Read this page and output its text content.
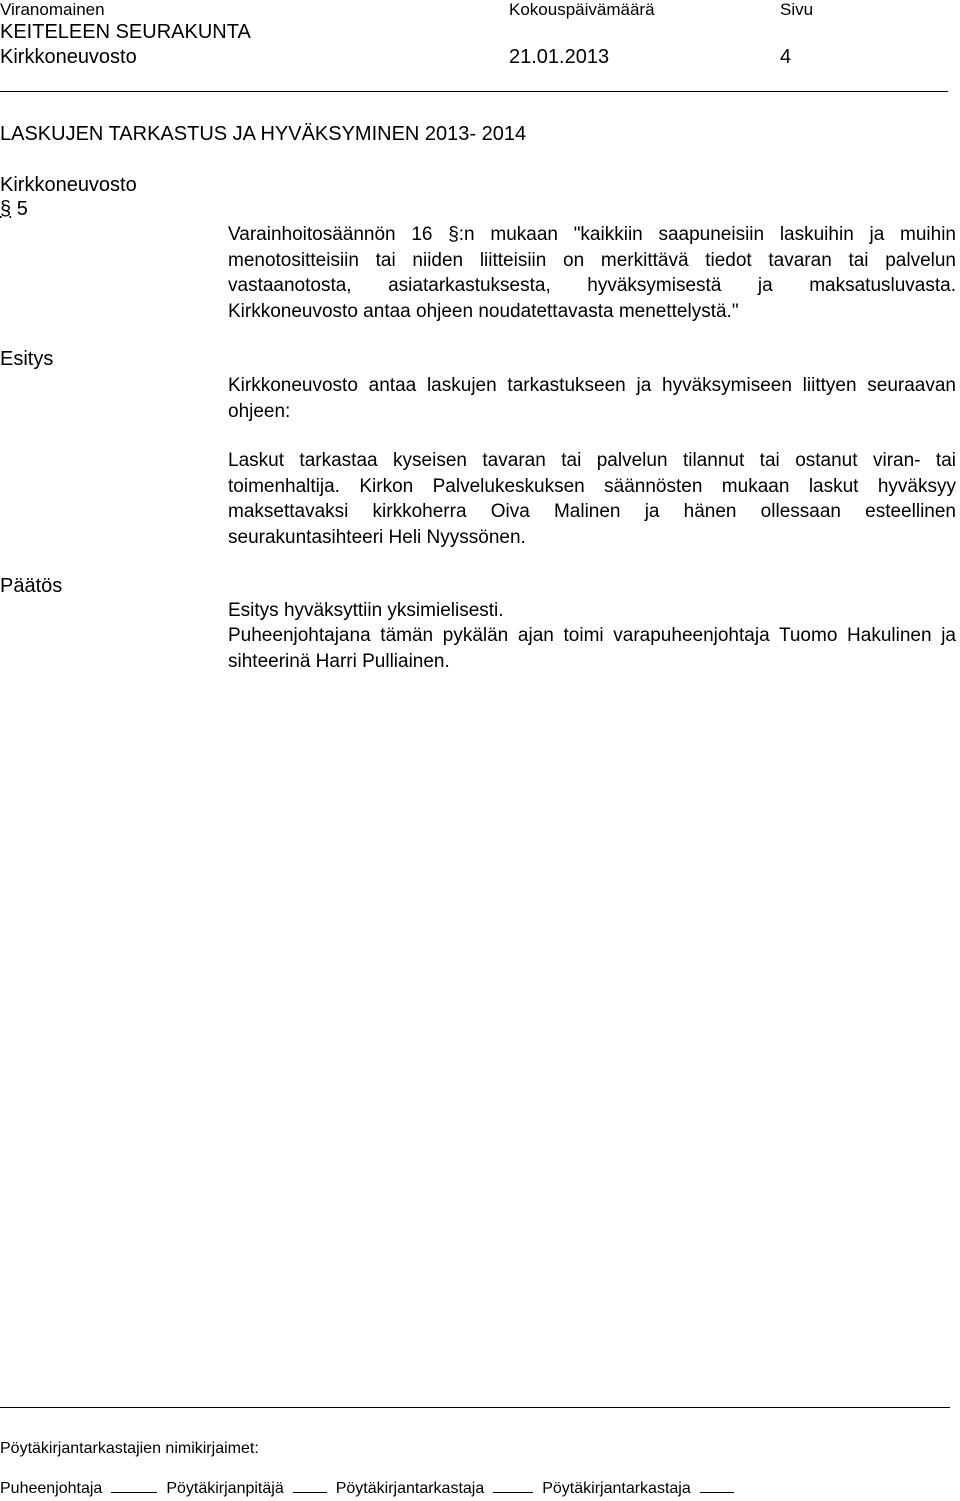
Viranomainen	Kokouspäivämäärä	Sivu
KEITELEEN SEURAKUNTA
Kirkkoneuvosto	21.01.2013	4
LASKUJEN TARKASTUS JA HYVÄKSYMINEN 2013- 2014
Kirkkoneuvosto
§ 5
Varainhoitosäännön 16 §:n mukaan "kaikkiin saapuneisiin laskuihin ja muihin menotositteisiin tai niiden liitteisiin on merkittävä tiedot tavaran tai palvelun vastaanotosta, asiatarkastuksesta, hyväksymisestä ja maksatusluvasta. Kirkkoneuvosto antaa ohjeen noudatettavasta menettelystä."
Esitys
Kirkkoneuvosto antaa laskujen tarkastukseen ja hyväksymiseen liittyen seuraavan ohjeen:
Laskut tarkastaa kyseisen tavaran tai palvelun tilannut tai ostanut viran- tai toimenhaltija. Kirkon Palvelukeskuksen säännösten mukaan laskut hyväksyy maksettavaksi kirkkoherra Oiva Malinen ja hänen ollessaan esteellinen seurakuntasihteeri Heli Nyyssönen.
Päätös
Esitys hyväksyttiin yksimielisesti.
Puheenjohtajana tämän pykälän ajan toimi varapuheenjohtaja Tuomo Hakulinen ja sihteerinä Harri Pulliainen.
Pöytäkirjantarkastajien nimikirjaimet:
Puheenjohtaja	Pöytäkirjanpitäjä	Pöytäkirjantarkastaja	Pöytäkirjantarkastaja
